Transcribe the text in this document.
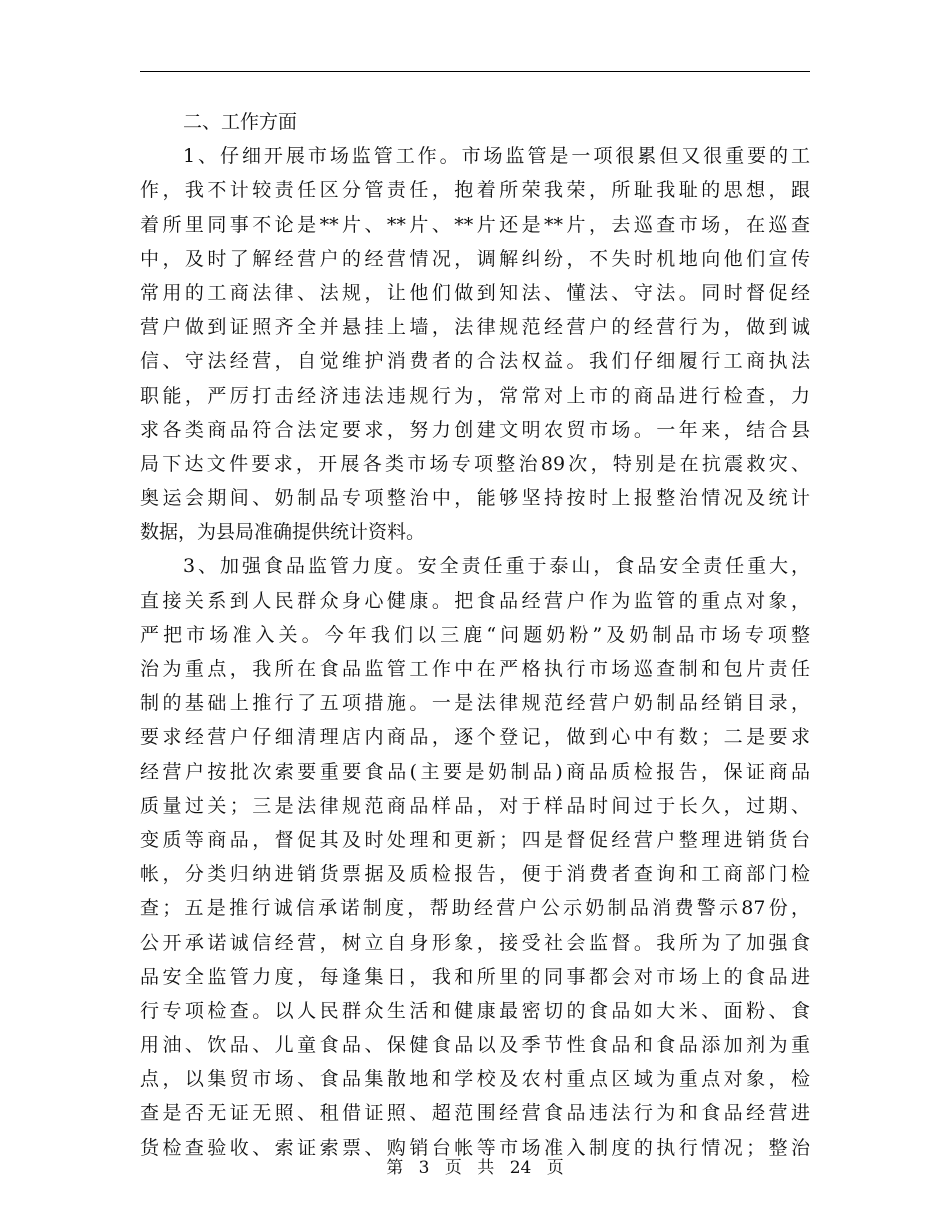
二、工作方面
1、仔细开展市场监管工作。市场监管是一项很累但又很重要的工
作，我不计较责任区分管责任，抱着所荣我荣，所耻我耻的思想，跟
着所里同事不论是**片、**片、**片还是**片，去巡查市场，在巡查
中，及时了解经营户的经营情况，调解纠纷，不失时机地向他们宣传
常用的工商法律、法规，让他们做到知法、懂法、守法。同时督促经
营户做到证照齐全并悬挂上墙，法律规范经营户的经营行为，做到诚
信、守法经营，自觉维护消费者的合法权益。我们仔细履行工商执法
职能，严厉打击经济违法违规行为，常常对上市的商品进行检查，力
求各类商品符合法定要求，努力创建文明农贸市场。一年来，结合县
局下达文件要求，开展各类市场专项整治89次，特别是在抗震救灾、
奥运会期间、奶制品专项整治中，能够坚持按时上报整治情况及统计
数据，为县局准确提供统计资料。
3、加强食品监管力度。安全责任重于泰山，食品安全责任重大，
直接关系到人民群众身心健康。把食品经营户作为监管的重点对象，
严把市场准入关。今年我们以三鹿“问题奶粉”及奶制品市场专项整
治为重点，我所在食品监管工作中在严格执行市场巡查制和包片责任
制的基础上推行了五项措施。一是法律规范经营户奶制品经销目录，
要求经营户仔细清理店内商品，逐个登记，做到心中有数；二是要求
经营户按批次索要重要食品(主要是奶制品)商品质检报告，保证商品
质量过关；三是法律规范商品样品，对于样品时间过于长久，过期、
变质等商品，督促其及时处理和更新；四是督促经营户整理进销货台
帐，分类归纳进销货票据及质检报告，便于消费者查询和工商部门检
查；五是推行诚信承诺制度，帮助经营户公示奶制品消费警示87份，
公开承诺诚信经营，树立自身形象，接受社会监督。我所为了加强食
品安全监管力度，每逢集日，我和所里的同事都会对市场上的食品进
行专项检查。以人民群众生活和健康最密切的食品如大米、面粉、食
用油、饮品、儿童食品、保健食品以及季节性食品和食品添加剂为重
点，以集贸市场、食品集散地和学校及农村重点区域为重点对象，检
查是否无证无照、租借证照、超范围经营食品违法行为和食品经营进
货检查验收、索证索票、购销台帐等市场准入制度的执行情况；整治
第 3 页 共 24 页
